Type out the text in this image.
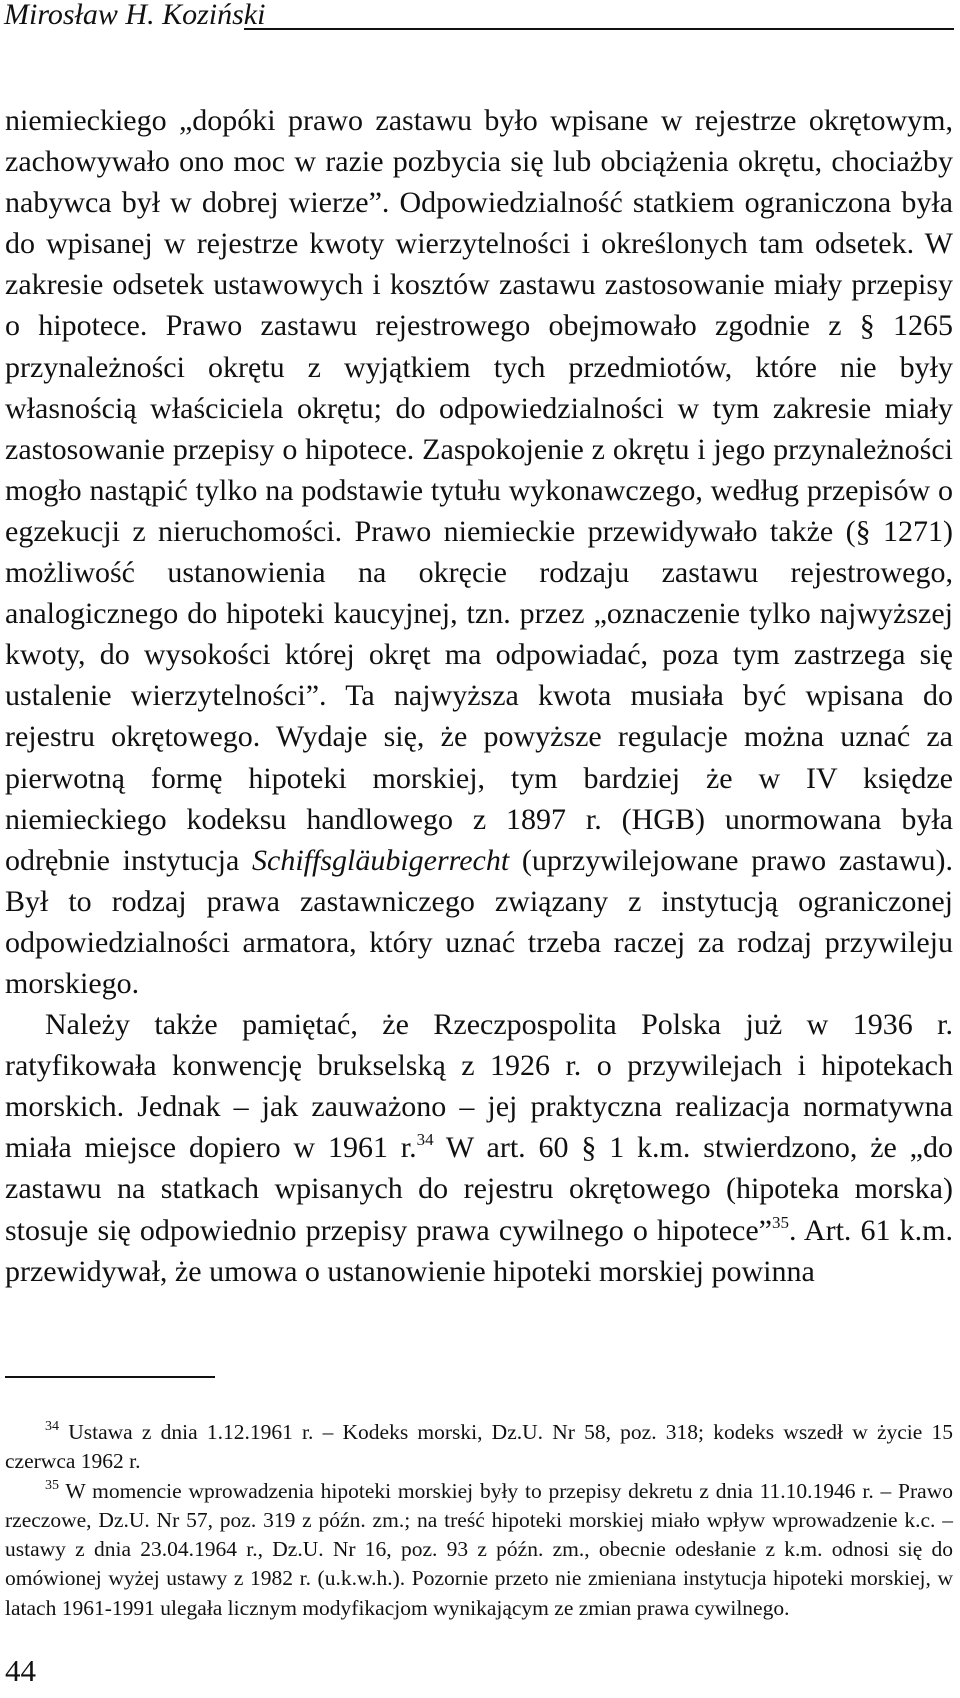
Mirosław H. Koziński

niemieckiego „dopóki prawo zastawu było wpisane w rejestrze okrętowym, zachowywało ono moc w razie pozbycia się lub obciążenia okrętu, chociażby nabywca był w dobrej wierze”. Odpowiedzialność statkiem ograniczona była do wpisanej w rejestrze kwoty wierzytelności i określonych tam odsetek. W zakresie odsetek ustawowych i kosztów zastawu zastosowanie miały przepisy o hipotece. Prawo zastawu rejestrowego obejmowało zgodnie z § 1265 przynależności okrętu z wyjątkiem tych przedmiotów, które nie były własnością właściciela okrętu; do odpowiedzialności w tym zakresie miały zastosowanie przepisy o hipotece. Zaspokojenie z okrętu i jego przynależności mogło nastąpić tylko na podstawie tytułu wykonawczego, według przepisów o egzekucji z nieruchomości. Prawo niemieckie przewidywało także (§ 1271) możliwość ustanowienia na okręcie rodzaju zastawu rejestrowego, analogicznego do hipoteki kaucyjnej, tzn. przez „oznaczenie tylko najwyższej kwoty, do wysokości której okręt ma odpowiadać, poza tym zastrzega się ustalenie wierzytelności”. Ta najwyższa kwota musiała być wpisana do rejestru okrętowego. Wydaje się, że powyższe regulacje można uznać za pierwotną formę hipoteki morskiej, tym bardziej że w IV księdze niemieckiego kodeksu handlowego z 1897 r. (HGB) unormowana była odrębnie instytucja Schiffsgläubigerrecht (uprzywilejowane prawo zastawu). Był to rodzaj prawa zastawniczego związany z instytucją ograniczonej odpowiedzialności armatora, który uznać trzeba raczej za rodzaj przywileju morskiego.

Należy także pamiętać, że Rzeczpospolita Polska już w 1936 r. ratyfikowała konwencję brukselską z 1926 r. o przywilejach i hipotekach morskich. Jednak – jak zauważono – jej praktyczna realizacja normatywna miała miejsce dopiero w 1961 r.$^{34}$ W art. 60 § 1 k.m. stwierdzono, że „do zastawu na statkach wpisanych do rejestru okrętowego (hipoteka morska) stosuje się odpowiednio przepisy prawa cywilnego o hipotece”$^{35}$. Art. 61 k.m. przewidywał, że umowa o ustanowienie hipoteki morskiej powinna

$^{34}$ Ustawa z dnia 1.12.1961 r. – Kodeks morski, Dz.U. Nr 58, poz. 318; kodeks wszedł w życie 15 czerwca 1962 r.

$^{35}$ W momencie wprowadzenia hipoteki morskiej były to przepisy dekretu z dnia 11.10.1946 r. – Prawo rzeczowe, Dz.U. Nr 57, poz. 319 z późn. zm.; na treść hipoteki morskiej miało wpływ wprowadzenie k.c. – ustawy z dnia 23.04.1964 r., Dz.U. Nr 16, poz. 93 z późn. zm., obecnie odesłanie z k.m. odnosi się do omówionej wyżej ustawy z 1982 r. (u.k.w.h.). Pozornie przeto nie zmieniana instytucja hipoteki morskiej, w latach 1961-1991 ulegała licznym modyfikacjom wynikającym ze zmian prawa cywilnego.

44
